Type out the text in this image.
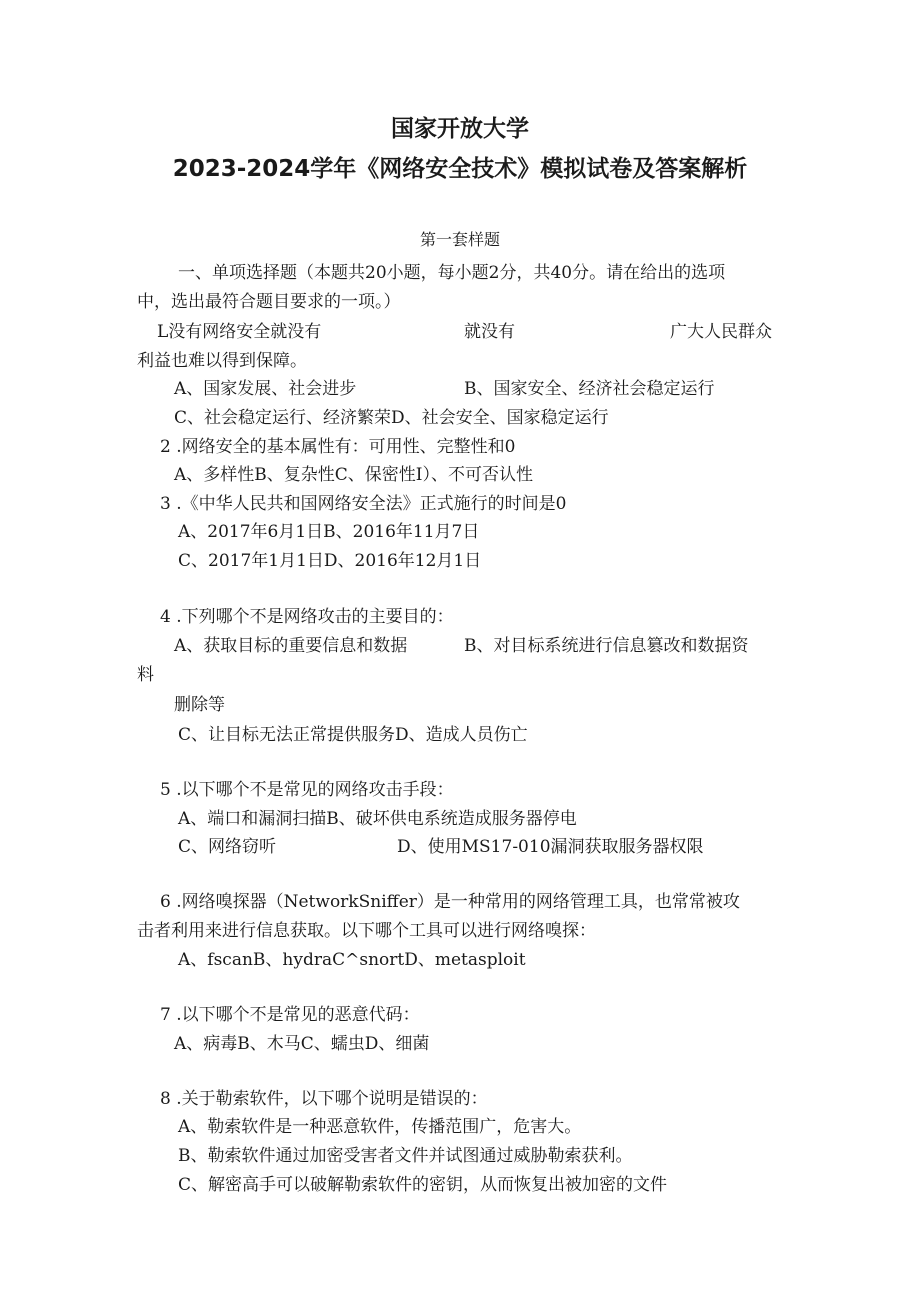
国家开放大学
2023-2024学年《网络安全技术》模拟试卷及答案解析
第一套样题
一、单项选择题（本题共20小题，每小题2分，共40分。请在给出的选项
中，选出最符合题目要求的一项。）
L没有网络安全就没有	就没有	广大人民群众
利益也难以得到保障。
A、国家发展、社会进步	B、国家安全、经济社会稳定运行
C、社会稳定运行、经济繁荣D、社会安全、国家稳定运行
2 .网络安全的基本属性有：可用性、完整性和0
A、多样性B、复杂性C、保密性I）、不可否认性
3 .《中华人民共和国网络安全法》正式施行的时间是0
A、2017年6月1日B、2016年11月7日
C、2017年1月1日D、2016年12月1日
4 .下列哪个不是网络攻击的主要目的：
A、获取目标的重要信息和数据	B、对目标系统进行信息篡改和数据资
料
删除等
C、让目标无法正常提供服务D、造成人员伤亡
5 .以下哪个不是常见的网络攻击手段：
A、端口和漏洞扫描B、破坏供电系统造成服务器停电
C、网络窃听	D、使用MS17-010漏洞获取服务器权限
6 .网络嗅探器（NetworkSniffer）是一种常用的网络管理工具，也常常被攻
击者利用来进行信息获取。以下哪个工具可以进行网络嗅探：
A、fscanB、hydraC^snortD、metasploit
7 .以下哪个不是常见的恶意代码：
A、病毒B、木马C、蠕虫D、细菌
8 .关于勒索软件，以下哪个说明是错误的：
A、勒索软件是一种恶意软件，传播范围广，危害大。
B、勒索软件通过加密受害者文件并试图通过威胁勒索获利。
C、解密高手可以破解勒索软件的密钥，从而恢复出被加密的文件
